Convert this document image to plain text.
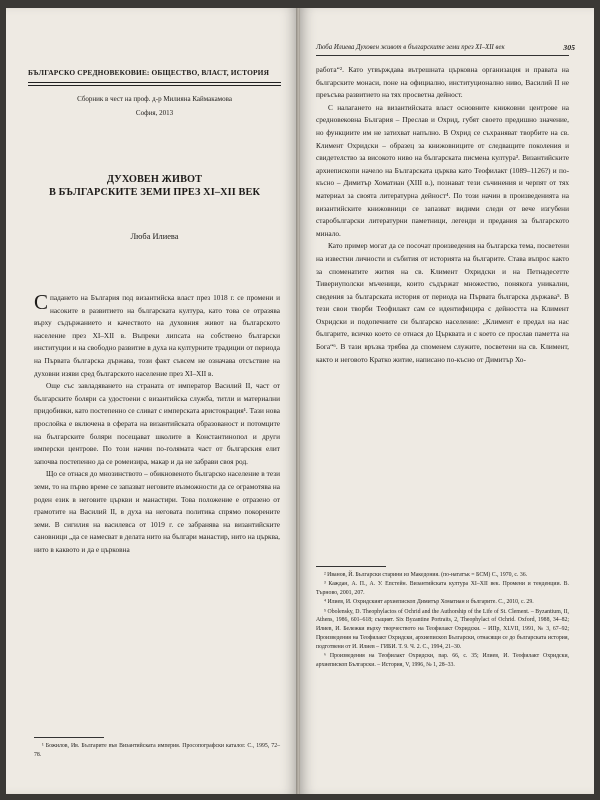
БЪЛГАРСКО СРЕДНОВЕКОВИЕ: ОБЩЕСТВО, ВЛАСТ, ИСТОРИЯ
Сборник в чест на проф. д-р Милияна Каймакамова
София, 2013
ДУХОВЕН ЖИВОТ
В БЪЛГАРСКИТЕ ЗЕМИ ПРЕЗ XI–XII ВЕК
Люба Илиева

Спаданeто на България под византийска власт през 1018 г. се промени и насоките в развитието на българската култура, като това се отразява върху съдържанието и качеството на духовния живот на българското население през XI–XII в. Въпреки липсата на собствено български институции и на свободно развитие в духа на културните традиции от периода на Първата българска държава, този факт съвсем не означава отсъствие на духовни изяви сред българското население през XI–XII в.

Още със завладяването на страната от император Василий II, част от българските боляри са удостоени с византийска служба, титли и материални придобивки, като постепенно се сливат с имперската аристокрация¹. Тази нова прослойка е включена в сферата на византийската образованост и потомците на българските боляри посещават школите в Константинопол и други имперски центрове. По този начин по-голямата част от българския елит започва постепенно да се ромеизира, макар и да не забрави своя род.

Що се отнася до мнозинството – обикновеното българско население в тези земи, то на първо време се запазват неговите възможности да се ограмотява на роден език в неговите църкви и манастири. Това положение е отразено от грамотите на Василий II, в духа на неговата политика спрямо покорените земи. В сигилия на василевса от 1019 г. се забранява на византийските сановници „да се намесват в делата нито на българи манастир, нито на църква, нито в каквото и да е църковна

¹ Божилов, Ив. Българите във Византийската империя. Просопографски каталог. С., 1995, 72–78.

Люба Илиева Духовен живот в българските земи през XI–XII век	305

работа“². Като утвърждава вътрешната църковна организация и правата на българските монаси, поне на официално, институционално ниво, Василий II не преъсъва развитието на тях просветна дейност.

С налагането на византийската власт основните книжовни центрове на средновековна България – Преслав и Охрид, губят своето предишно значение, но функциите им не затихват напълно. В Охрид се съхраняват творбите на св. Климент Охридски – образец за книжовниците от следващите поколения и свидетелство за високото ниво на българската писмена култура³. Византийските архиепископи начело на Българската църква като Теофилакт (1089–1126?) и по-късно – Димитър Хоматиан (XIII в.), познават тези съчинения и черпят от тях материал за своята литературна дейност⁴. По този начин в произведенията на византийските книжовници се запазват видими следи от вече изгубени старобългарски литературни паметници, легенди и предания за българското минало.

Като пример могат да се посочат произведения на българска тема, посветени на известни личности и събития от историята на българите. Става въпрос както за споменатите жития на св. Климент Охридски и на Петнадесетте Тивериуполски мъченици, които съдържат множество, понякога уникални, сведения за българската история от периода на Първата българска държава⁵. В тези свои творби Теофилакт сам се идентифицира с дейността на Климент Охридски и подопечните си българско население: „Климент е предал на нас българите, всичко което се отнася до Църквата и с което се прослав паметта на Бога“⁶. В тази връзка трябва да споменем служите, посветени на св. Климент, както и неговото Кратко житие, написано по-късно от Димитър Хо-

² Иванов, Й. Български старини из Македония. (по-нататък = БСМ) С., 1970, с. 36.

³ Каждан, А. П., А. У. Епстейн. Византийската култура XI–XII век. Промени и тенденции. В. Търново, 2001, 207.

⁴ Илиев, И. Охридският архиепископ Димитър Хоматиан и българите. С., 2010, с. 29.

⁵ Obolensky, D. Theophylactos of Ochrid and the Authorship of the Life of St. Clement. – Byzantium, II, Athens, 1986, 601–618; същият. Six Byzantine Portraits, 2, Theophylact of Ochrid. Oxford, 1988, 34–82; Илиев, И. Бележки върху творчеството на Теофилакт Охридски. – ИПр, XLVII, 1991, № 3, 67–92; Произведения на Теофилакт Охридски, архиепископ Български, отнасящи се до българската история, подготвени от И. Илиев – ГИБИ. Т. 9. Ч. 2. С., 1994, 21–30.

⁶ Произведения на Теофилакт Охридски, пар. 66, с. 35; Илиев, И. Теофилакт Охридски, архиепископ Български. – История, V, 1996, № 1, 28–33.
